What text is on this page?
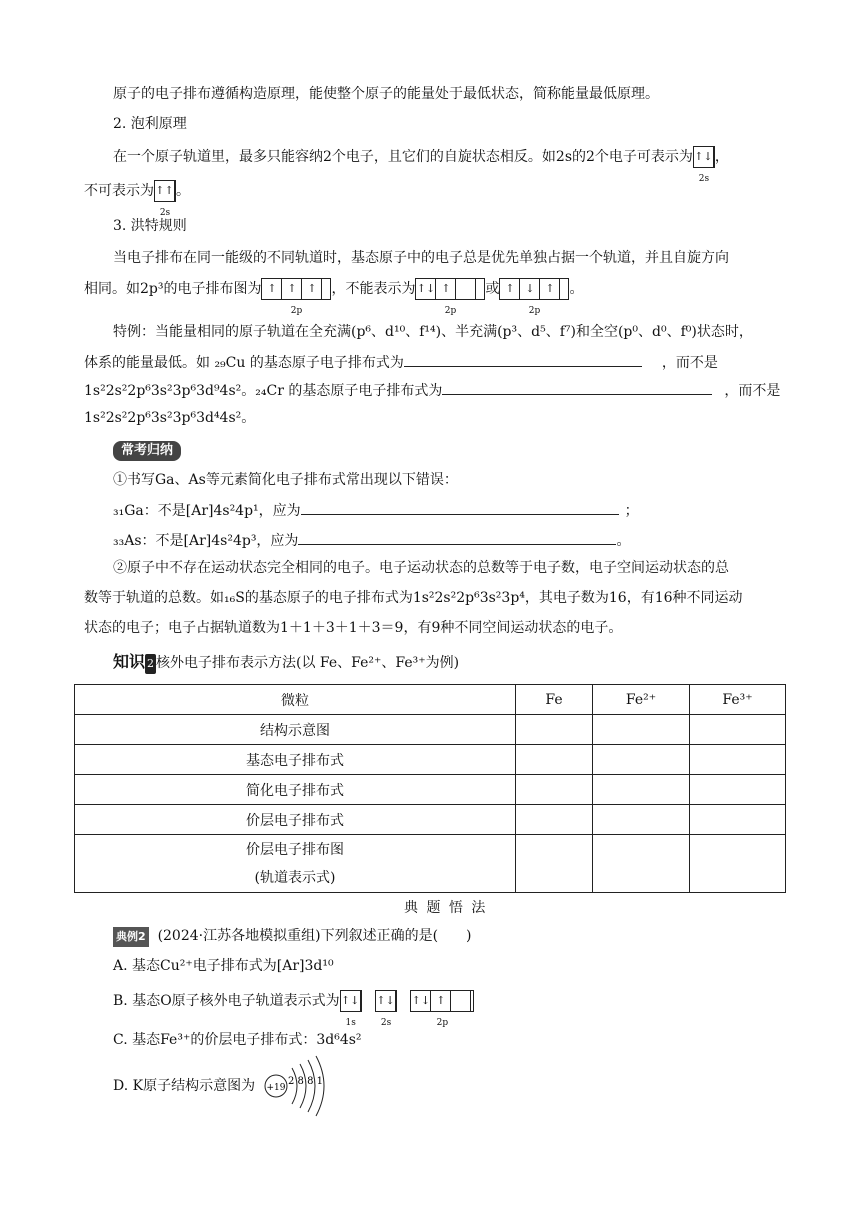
原子的电子排布遵循构造原理，能使整个原子的能量处于最低状态，简称能量最低原理。
2. 泡利原理
在一个原子轨道里，最多只能容纳2个电子，且它们的自旋状态相反。如2s的2个电子可表示为↑↓
2s
，
不可表示为↑↑
2s
。
3. 洪特规则
当电子排布在同一能级的不同轨道时，基态原子中的电子总是优先单独占据一个轨道，并且自旋方向
相同。如2p³的电子排布图为 ↑ ↑ ↑
2p
，不能表示为↑↓ ↑
2p
或 ↑ ↓ ↑
2p
。
特例：当能量相同的原子轨道在全充满(p⁶、d¹⁰、f¹⁴)、半充满(p³、d⁵、f⁷)和全空(p⁰、d⁰、f⁰)状态时，
体系的能量最低。如 ₂₉Cu 的基态原子电子排布式为	，而不是
1s²2s²2p⁶3s²3p⁶3d⁹4s²。₂₄Cr 的基态原子电子排布式为	，而不是
1s²2s²2p⁶3s²3p⁶3d⁴4s²。
常考归纳
①书写Ga、As等元素简化电子排布式常出现以下错误：
₃₁Ga：不是[Ar]4s²4p¹，应为	；
₃₃As：不是[Ar]4s²4p³，应为	。
②原子中不存在运动状态完全相同的电子。电子运动状态的总数等于电子数，电子空间运动状态的总
数等于轨道的总数。如₁₆S的基态原子的电子排布式为1s²2s²2p⁶3s²3p⁴，其电子数为16，有16种不同运动
状态的电子；电子占据轨道数为1＋1＋3＋1＋3＝9，有9种不同空间运动状态的电子。
知识 2 核外电子排布表示方法(以 Fe、Fe²⁺、Fe³⁺为例)
微粒	Fe	Fe²⁺	Fe³⁺
结构示意图			
基态电子排布式			
简化电子排布式			
价层电子排布式			

价层电子排布图
(轨道表示式)			

典 题 悟 法
典例2 (2024·江苏各地模拟重组)下列叙述正确的是(　　)
A. 基态Cu²⁺电子排布式为[Ar]3d¹⁰
B. 基态O原子核外电子轨道表示式为↑↓
1s
↑↓
2s
↑↓ ↑
2p
C. 基态Fe³⁺的价层电子排布式：3d⁶4s²
D. K原子结构示意图为 +19
2 8 8 1
